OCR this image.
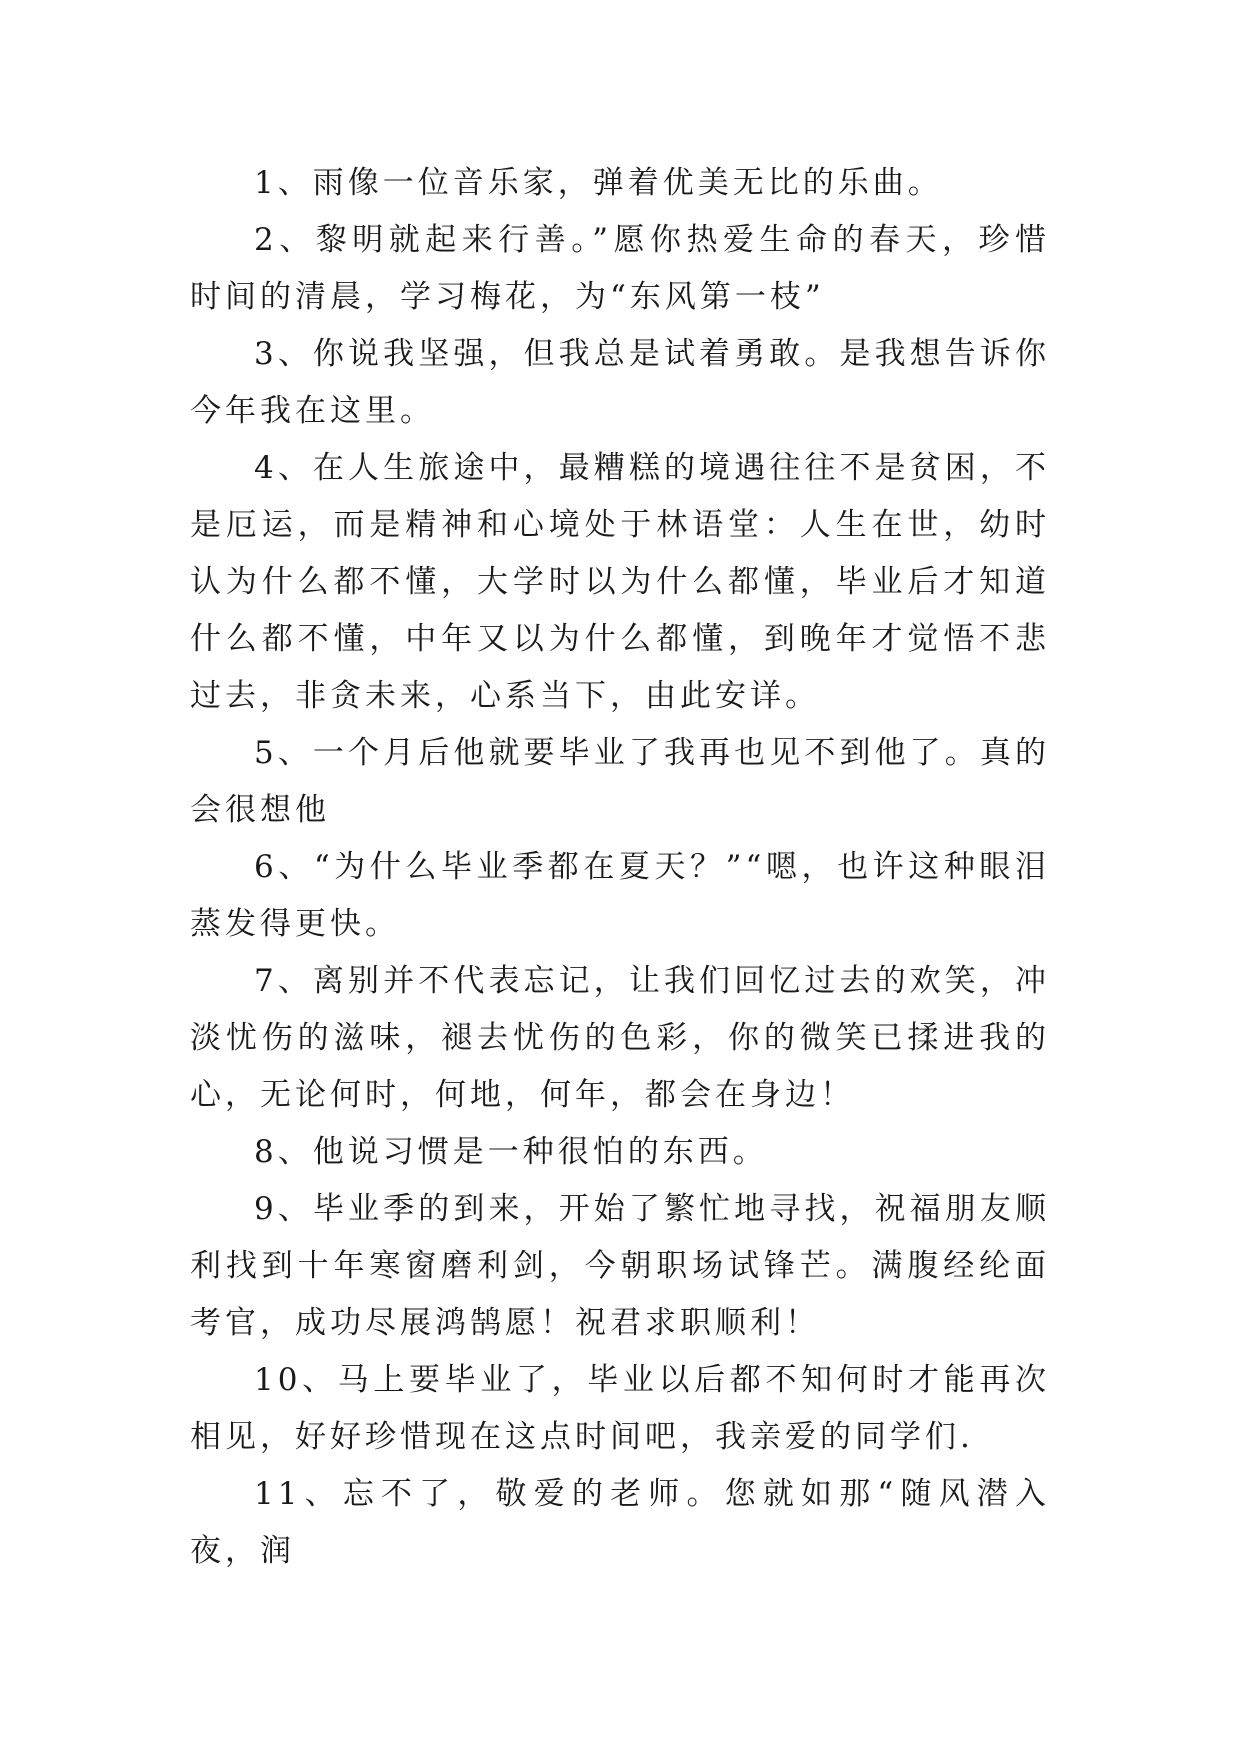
1、雨像一位音乐家，弹着优美无比的乐曲。

2、黎明就起来行善。”愿你热爱生命的春天，珍惜时间的清晨，学习梅花，为“东风第一枝”

3、你说我坚强，但我总是试着勇敢。是我想告诉你今年我在这里。

4、在人生旅途中，最糟糕的境遇往往不是贫困，不是厄运，而是精神和心境处于林语堂：人生在世，幼时认为什么都不懂，大学时以为什么都懂，毕业后才知道什么都不懂，中年又以为什么都懂，到晚年才觉悟不悲过去，非贪未来，心系当下，由此安详。

5、一个月后他就要毕业了我再也见不到他了。真的会很想他

6、“为什么毕业季都在夏天？”“嗯，也许这种眼泪蒸发得更快。

7、离别并不代表忘记，让我们回忆过去的欢笑，冲淡忧伤的滋味，褪去忧伤的色彩，你的微笑已揉进我的心，无论何时，何地，何年，都会在身边！

8、他说习惯是一种很怕的东西。

9、毕业季的到来，开始了繁忙地寻找，祝福朋友顺利找到十年寒窗磨利剑，今朝职场试锋芒。满腹经纶面考官，成功尽展鸿鹄愿！祝君求职顺利！

10、马上要毕业了，毕业以后都不知何时才能再次相见，好好珍惜现在这点时间吧，我亲爱的同学们.

11、忘不了，敬爱的老师。您就如那“随风潜入夜，润
